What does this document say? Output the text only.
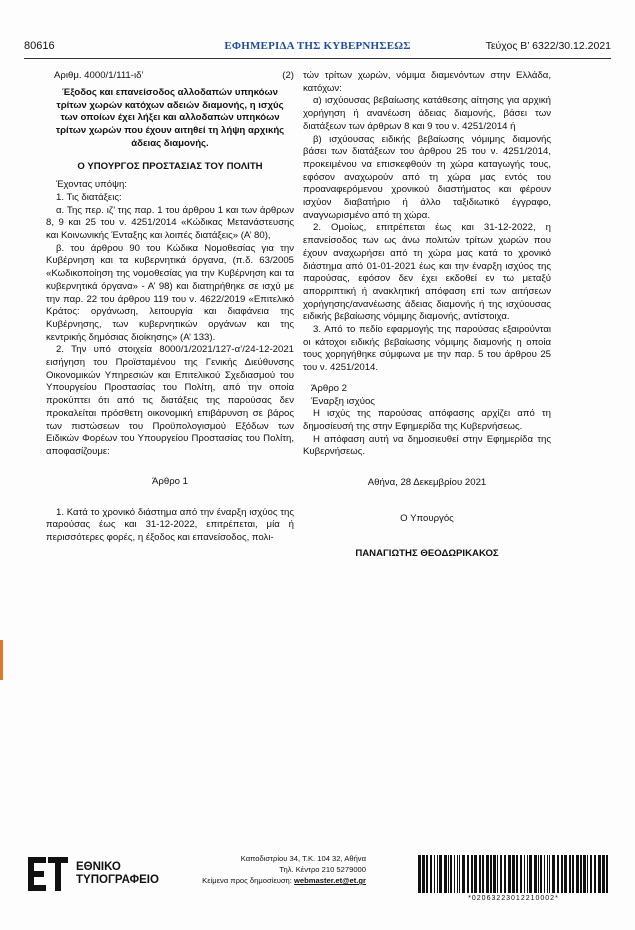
80616	ΕΦΗΜΕΡΙΔΑ ΤΗΣ ΚΥΒΕΡΝΗΣΕΩΣ	Τεύχος Β’ 6322/30.12.2021
Αριθμ. 4000/1/111-ιδ’	(2)

Έξοδος και επανείσοδος αλλοδαπών υπηκόων τρίτων χωρών κατόχων αδειών διαμονής, η ισχύς των οποίων έχει λήξει και αλλοδαπών υπηκόων τρίτων χωρών που έχουν αιτηθεί τη λήψη αρχικής άδειας διαμονής.

Ο ΥΠΟΥΡΓΟΣ ΠΡΟΣΤΑΣΙΑΣ ΤΟΥ ΠΟΛΙΤΗ

Έχοντας υπόψη:

1. Τις διατάξεις:

α. Της περ. ιζ’ της παρ. 1 του άρθρου 1 και των άρθρων 8, 9 και 25 του ν. 4251/2014 «Κώδικας Μετανάστευσης και Κοινωνικής Ένταξης και λοιπές διατάξεις» (Α’ 80),

β. του άρθρου 90 του Κώδικα Νομοθεσίας για την Κυβέρνηση και τα κυβερνητικά όργανα, (π.δ. 63/2005 «Κωδικοποίηση της νομοθεσίας για την Κυβέρνηση και τα κυβερνητικά όργανα» - Α’ 98) και διατηρήθηκε σε ισχύ με την παρ. 22 του άρθρου 119 του ν. 4622/2019 «Επιτελικό Κράτος: οργάνωση, λειτουργία και διαφάνεια της Κυβέρνησης, των κυβερνητικών οργάνων και της κεντρικής δημόσιας διοίκησης» (Α’ 133).

2. Την υπό στοιχεία 8000/1/2021/127-α’/24-12-2021 εισήγηση του Προϊσταμένου της Γενικής Διεύθυνσης Οικονομικών Υπηρεσιών και Επιτελικού Σχεδιασμού του Υπουργείου Προστασίας του Πολίτη, από την οποία προκύπτει ότι από τις διατάξεις της παρούσας δεν προκαλείται πρόσθετη οικονομική επιβάρυνση σε βάρος των πιστώσεων του Προϋπολογισμού Εξόδων των Ειδικών Φορέων του Υπουργείου Προστασίας του Πολίτη, αποφασίζουμε:

Άρθρο 1

1. Κατά το χρονικό διάστημα από την έναρξη ισχύος της παρούσας έως και 31-12-2022, επιτρέπεται, μία ή περισσότερες φορές, η έξοδος και επανείσοδος, πολι-

τών τρίτων χωρών, νόμιμα διαμενόντων στην Ελλάδα, κατόχων:

α) ισχύουσας βεβαίωσης κατάθεσης αίτησης για αρχική χορήγηση ή ανανέωση άδειας διαμονής, βάσει των διατάξεων των άρθρων 8 και 9 του ν. 4251/2014 ή

β) ισχύουσας ειδικής βεβαίωσης νόμιμης διαμονής βάσει των διατάξεων του άρθρου 25 του ν. 4251/2014, προκειμένου να επισκεφθούν τη χώρα καταγωγής τους, εφόσον αναχωρούν από τη χώρα μας εντός του προαναφερόμενου χρονικού διαστήματος και φέρουν ισχύον διαβατήριο ή άλλο ταξιδιωτικό έγγραφο, αναγνωρισμένο από τη χώρα.

2. Ομοίως, επιτρέπεται έως και 31-12-2022, η επανείσοδος των ως άνω πολιτών τρίτων χωρών που έχουν αναχωρήσει από τη χώρα μας κατά το χρονικό διάστημα από 01-01-2021 έως και την έναρξη ισχύος της παρούσας, εφόσον δεν έχει εκδοθεί εν τω μεταξύ απορριπτική ή ανακλητική απόφαση επί των αιτήσεων χορήγησης/ανανέωσης άδειας διαμονής ή της ισχύουσας ειδικής βεβαίωσης νόμιμης διαμονής, αντίστοιχα.

3. Από το πεδίο εφαρμογής της παρούσας εξαιρούνται οι κάτοχοι ειδικής βεβαίωσης νόμιμης διαμονής η οποία τους χορηγήθηκε σύμφωνα με την παρ. 5 του άρθρου 25 του ν. 4251/2014.

Άρθρο 2

Έναρξη ισχύος

Η ισχύς της παρούσας απόφασης αρχίζει από τη δημοσίευσή της στην Εφημερίδα της Κυβερνήσεως.

Η απόφαση αυτή να δημοσιευθεί στην Εφημερίδα της Κυβερνήσεως.

Αθήνα, 28 Δεκεμβρίου 2021

Ο Υπουργός

ΠΑΝΑΓΙΩΤΗΣ ΘΕΟΔΩΡΙΚΑΚΟΣ

ΕΘΝΙΚΟ
ΤΥΠΟΓΡΑΦΕΙΟ
Καποδιστρίου 34, Τ.Κ. 104 32, Αθήνα
Τηλ. Κέντρο 210 5279000
Κείμενα προς δημοσίευση: webmaster.et@et.gr
*02063223012210002*
